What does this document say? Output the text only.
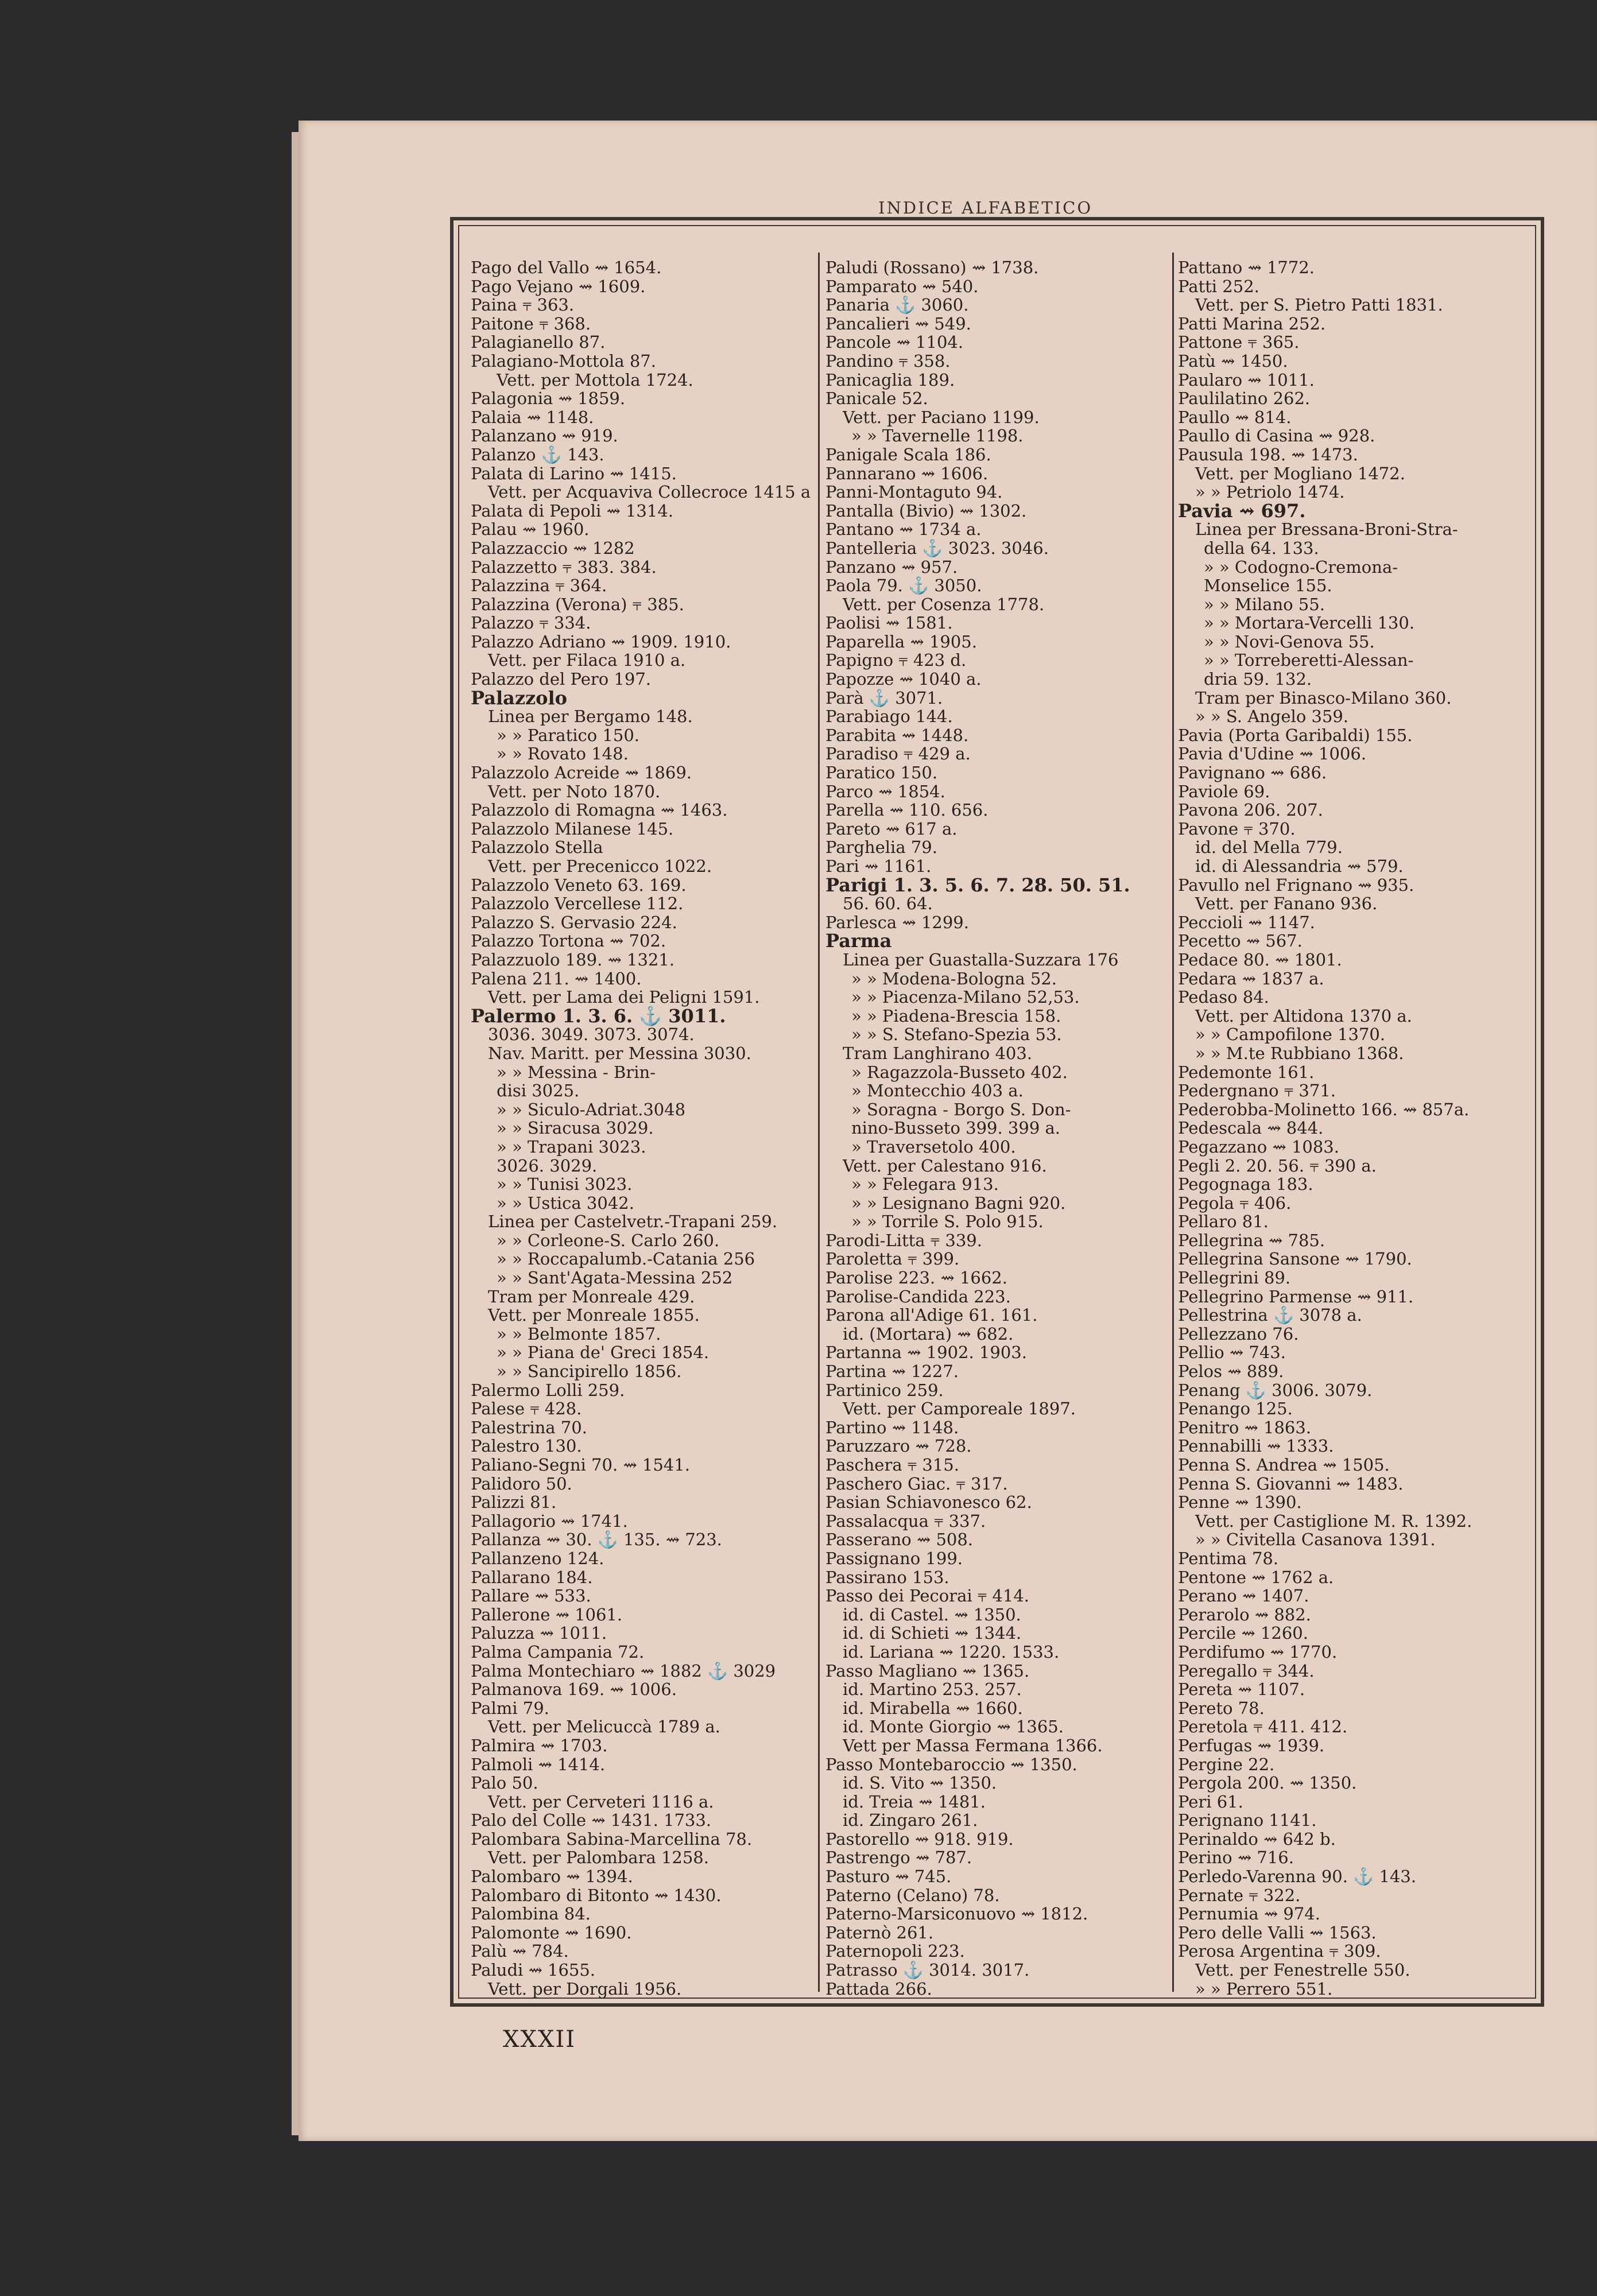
INDICE ALFABETICO
Pago del Vallo ⇝ 1654.
Pago Vejano ⇝ 1609.
Paina ⫧ 363.
Paitone ⫧ 368.
Palagianello 87.
Palagiano-Mottola 87.
Vett. per Mottola 1724.
Palagonia ⇝ 1859.
Palaia ⇝ 1148.
Palanzano ⇝ 919.
Palanzo ⚓ 143.
Palata di Larino ⇝ 1415.
Vett. per Acquaviva Collecroce 1415 a
Palata di Pepoli ⇝ 1314.
Palau ⇝ 1960.
Palazzaccio ⇝ 1282
Palazzetto ⫧ 383. 384.
Palazzina ⫧ 364.
Palazzina (Verona) ⫧ 385.
Palazzo ⫧ 334.
Palazzo Adriano ⇝ 1909. 1910.
Vett. per Filaca 1910 a.
Palazzo del Pero 197.
Palazzolo
Linea per Bergamo 148.
» » Paratico 150.
» » Rovato 148.
Palazzolo Acreide ⇝ 1869.
Vett. per Noto 1870.
Palazzolo di Romagna ⇝ 1463.
Palazzolo Milanese 145.
Palazzolo Stella
Vett. per Precenicco 1022.
Palazzolo Veneto 63. 169.
Palazzolo Vercellese 112.
Palazzo S. Gervasio 224.
Palazzo Tortona ⇝ 702.
Palazzuolo 189. ⇝ 1321.
Palena 211. ⇝ 1400.
Vett. per Lama dei Peligni 1591.
Palermo 1. 3. 6. ⚓ 3011.
3036. 3049. 3073. 3074.
Nav. Maritt. per Messina 3030.
» » Messina - Brin-
disi 3025.
» » Siculo-Adriat.3048
» » Siracusa 3029.
» » Trapani 3023.
3026. 3029.
» » Tunisi 3023.
» » Ustica 3042.
Linea per Castelvetr.-Trapani 259.
» » Corleone-S. Carlo 260.
» » Roccapalumb.-Catania 256
» » Sant'Agata-Messina 252
Tram per Monreale 429.
Vett. per Monreale 1855.
» » Belmonte 1857.
» » Piana de' Greci 1854.
» » Sancipirello 1856.
Palermo Lolli 259.
Palese ⫧ 428.
Palestrina 70.
Palestro 130.
Paliano-Segni 70. ⇝ 1541.
Palidoro 50.
Palizzi 81.
Pallagorio ⇝ 1741.
Pallanza ⇝ 30. ⚓ 135. ⇝ 723.
Pallanzeno 124.
Pallarano 184.
Pallare ⇝ 533.
Pallerone ⇝ 1061.
Paluzza ⇝ 1011.
Palma Campania 72.
Palma Montechiaro ⇝ 1882 ⚓ 3029
Palmanova 169. ⇝ 1006.
Palmi 79.
Vett. per Melicuccà 1789 a.
Palmira ⇝ 1703.
Palmoli ⇝ 1414.
Palo 50.
Vett. per Cerveteri 1116 a.
Palo del Colle ⇝ 1431. 1733.
Palombara Sabina-Marcellina 78.
Vett. per Palombara 1258.
Palombaro ⇝ 1394.
Palombaro di Bitonto ⇝ 1430.
Palombina 84.
Palomonte ⇝ 1690.
Palù ⇝ 784.
Paludi ⇝ 1655.
Vett. per Dorgali 1956.
Paludi (Rossano) ⇝ 1738.
Pamparato ⇝ 540.
Panaria ⚓ 3060.
Pancalieri ⇝ 549.
Pancole ⇝ 1104.
Pandino ⫧ 358.
Panicaglia 189.
Panicale 52.
Vett. per Paciano 1199.
» » Tavernelle 1198.
Panigale Scala 186.
Pannarano ⇝ 1606.
Panni-Montaguto 94.
Pantalla (Bivio) ⇝ 1302.
Pantano ⇝ 1734 a.
Pantelleria ⚓ 3023. 3046.
Panzano ⇝ 957.
Paola 79. ⚓ 3050.
Vett. per Cosenza 1778.
Paolisi ⇝ 1581.
Paparella ⇝ 1905.
Papigno ⫧ 423 d.
Papozze ⇝ 1040 a.
Parà ⚓ 3071.
Parabiago 144.
Parabita ⇝ 1448.
Paradiso ⫧ 429 a.
Paratico 150.
Parco ⇝ 1854.
Parella ⇝ 110. 656.
Pareto ⇝ 617 a.
Parghelia 79.
Pari ⇝ 1161.
Parigi 1. 3. 5. 6. 7. 28. 50. 51.
56. 60. 64.
Parlesca ⇝ 1299.
Parma
Linea per Guastalla-Suzzara 176
» » Modena-Bologna 52.
» » Piacenza-Milano 52,53.
» » Piadena-Brescia 158.
» » S. Stefano-Spezia 53.
Tram Langhirano 403.
» Ragazzola-Busseto 402.
» Montecchio 403 a.
» Soragna - Borgo S. Don-
nino-Busseto 399. 399 a.
» Traversetolo 400.
Vett. per Calestano 916.
» » Felegara 913.
» » Lesignano Bagni 920.
» » Torrile S. Polo 915.
Parodi-Litta ⫧ 339.
Paroletta ⫧ 399.
Parolise 223. ⇝ 1662.
Parolise-Candida 223.
Parona all'Adige 61. 161.
id. (Mortara) ⇝ 682.
Partanna ⇝ 1902. 1903.
Partina ⇝ 1227.
Partinico 259.
Vett. per Camporeale 1897.
Partino ⇝ 1148.
Paruzzaro ⇝ 728.
Paschera ⫧ 315.
Paschero Giac. ⫧ 317.
Pasian Schiavonesco 62.
Passalacqua ⫧ 337.
Passerano ⇝ 508.
Passignano 199.
Passirano 153.
Passo dei Pecorai ⫧ 414.
id. di Castel. ⇝ 1350.
id. di Schieti ⇝ 1344.
id. Lariana ⇝ 1220. 1533.
Passo Magliano ⇝ 1365.
id. Martino 253. 257.
id. Mirabella ⇝ 1660.
id. Monte Giorgio ⇝ 1365.
Vett per Massa Fermana 1366.
Passo Montebaroccio ⇝ 1350.
id. S. Vito ⇝ 1350.
id. Treia ⇝ 1481.
id. Zingaro 261.
Pastorello ⇝ 918. 919.
Pastrengo ⇝ 787.
Pasturo ⇝ 745.
Paterno (Celano) 78.
Paterno-Marsiconuovo ⇝ 1812.
Paternò 261.
Paternopoli 223.
Patrasso ⚓ 3014. 3017.
Pattada 266.
Pattano ⇝ 1772.
Patti 252.
Vett. per S. Pietro Patti 1831.
Patti Marina 252.
Pattone ⫧ 365.
Patù ⇝ 1450.
Paularo ⇝ 1011.
Paulilatino 262.
Paullo ⇝ 814.
Paullo di Casina ⇝ 928.
Pausula 198. ⇝ 1473.
Vett. per Mogliano 1472.
» » Petriolo 1474.
Pavia ⇝ 697.
Linea per Bressana-Broni-Stra-
della 64. 133.
» » Codogno-Cremona-
Monselice 155.
» » Milano 55.
» » Mortara-Vercelli 130.
» » Novi-Genova 55.
» » Torreberetti-Alessan-
dria 59. 132.
Tram per Binasco-Milano 360.
» » S. Angelo 359.
Pavia (Porta Garibaldi) 155.
Pavia d'Udine ⇝ 1006.
Pavignano ⇝ 686.
Paviole 69.
Pavona 206. 207.
Pavone ⫧ 370.
id. del Mella 779.
id. di Alessandria ⇝ 579.
Pavullo nel Frignano ⇝ 935.
Vett. per Fanano 936.
Peccioli ⇝ 1147.
Pecetto ⇝ 567.
Pedace 80. ⇝ 1801.
Pedara ⇝ 1837 a.
Pedaso 84.
Vett. per Altidona 1370 a.
» » Campofilone 1370.
» » M.te Rubbiano 1368.
Pedemonte 161.
Pedergnano ⫧ 371.
Pederobba-Molinetto 166. ⇝ 857a.
Pedescala ⇝ 844.
Pegazzano ⇝ 1083.
Pegli 2. 20. 56. ⫧ 390 a.
Pegognaga 183.
Pegola ⫧ 406.
Pellaro 81.
Pellegrina ⇝ 785.
Pellegrina Sansone ⇝ 1790.
Pellegrini 89.
Pellegrino Parmense ⇝ 911.
Pellestrina ⚓ 3078 a.
Pellezzano 76.
Pellio ⇝ 743.
Pelos ⇝ 889.
Penang ⚓ 3006. 3079.
Penango 125.
Penitro ⇝ 1863.
Pennabilli ⇝ 1333.
Penna S. Andrea ⇝ 1505.
Penna S. Giovanni ⇝ 1483.
Penne ⇝ 1390.
Vett. per Castiglione M. R. 1392.
» » Civitella Casanova 1391.
Pentima 78.
Pentone ⇝ 1762 a.
Perano ⇝ 1407.
Perarolo ⇝ 882.
Percile ⇝ 1260.
Perdifumo ⇝ 1770.
Peregallo ⫧ 344.
Pereta ⇝ 1107.
Pereto 78.
Peretola ⫧ 411. 412.
Perfugas ⇝ 1939.
Pergine 22.
Pergola 200. ⇝ 1350.
Peri 61.
Perignano 1141.
Perinaldo ⇝ 642 b.
Perino ⇝ 716.
Perledo-Varenna 90. ⚓ 143.
Pernate ⫧ 322.
Pernumia ⇝ 974.
Pero delle Valli ⇝ 1563.
Perosa Argentina ⫧ 309.
Vett. per Fenestrelle 550.
» » Perrero 551.
XXXII
